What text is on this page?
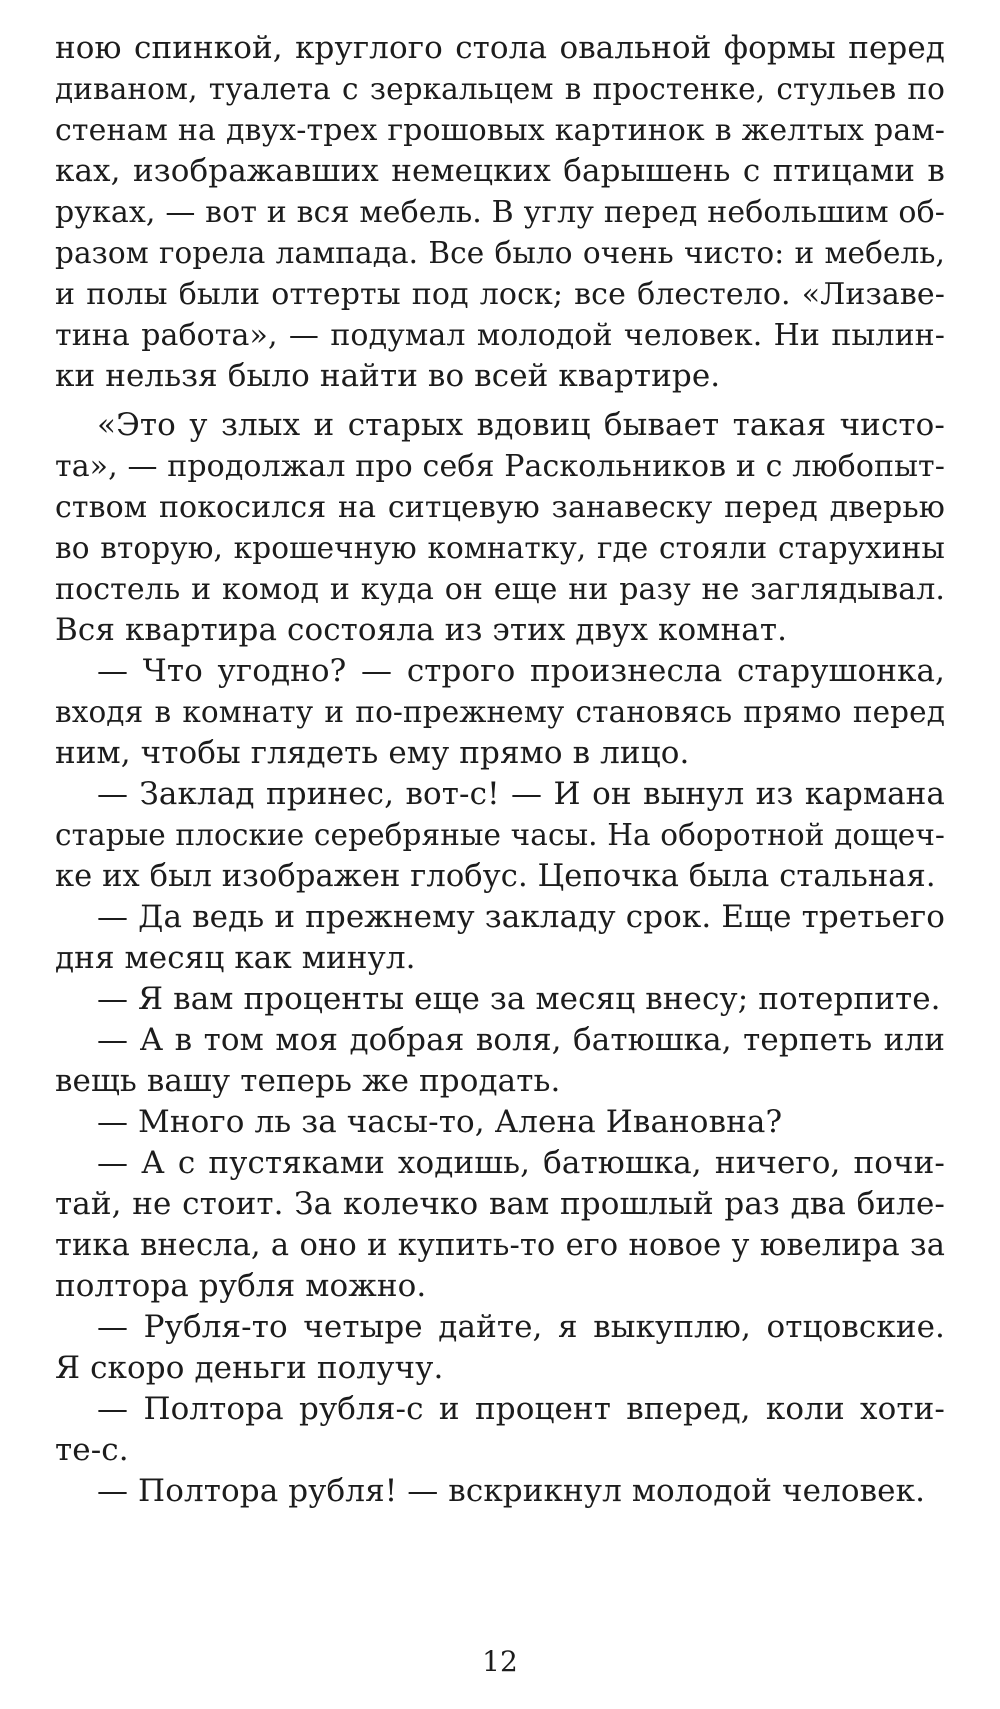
ною спинкой, круглого стола овальной формы перед
диваном, туалета с зеркальцем в простенке, стульев по
стенам на двух-трех грошовых картинок в желтых рам-
ках, изображавших немецких барышень с птицами в
руках, — вот и вся мебель. В углу перед небольшим об-
разом горела лампада. Все было очень чисто: и мебель,
и полы были оттерты под лоск; все блестело. «Лизаве-
тина работа», — подумал молодой человек. Ни пылин-
ки нельзя было найти во всей квартире.
«Это у злых и старых вдовиц бывает такая чисто-
та», — продолжал про себя Раскольников и с любопыт-
ством покосился на ситцевую занавеску перед дверью
во вторую, крошечную комнатку, где стояли старухины
постель и комод и куда он еще ни разу не заглядывал.
Вся квартира состояла из этих двух комнат.
— Что угодно? — строго произнесла старушонка,
входя в комнату и по-прежнему становясь прямо перед
ним, чтобы глядеть ему прямо в лицо.
— Заклад принес, вот-с! — И он вынул из кармана
старые плоские серебряные часы. На оборотной дощеч-
ке их был изображен глобус. Цепочка была стальная.
— Да ведь и прежнему закладу срок. Еще третьего
дня месяц как минул.
— Я вам проценты еще за месяц внесу; потерпите.
— А в том моя добрая воля, батюшка, терпеть или
вещь вашу теперь же продать.
— Много ль за часы-то, Алена Ивановна?
— А с пустяками ходишь, батюшка, ничего, почи-
тай, не стоит. За колечко вам прошлый раз два биле-
тика внесла, а оно и купить-то его новое у ювелира за
полтора рубля можно.
— Рубля-то четыре дайте, я выкуплю, отцовские.
Я скоро деньги получу.
— Полтора рубля-с и процент вперед, коли хоти-
те-с.
— Полтора рубля! — вскрикнул молодой человек.
12
